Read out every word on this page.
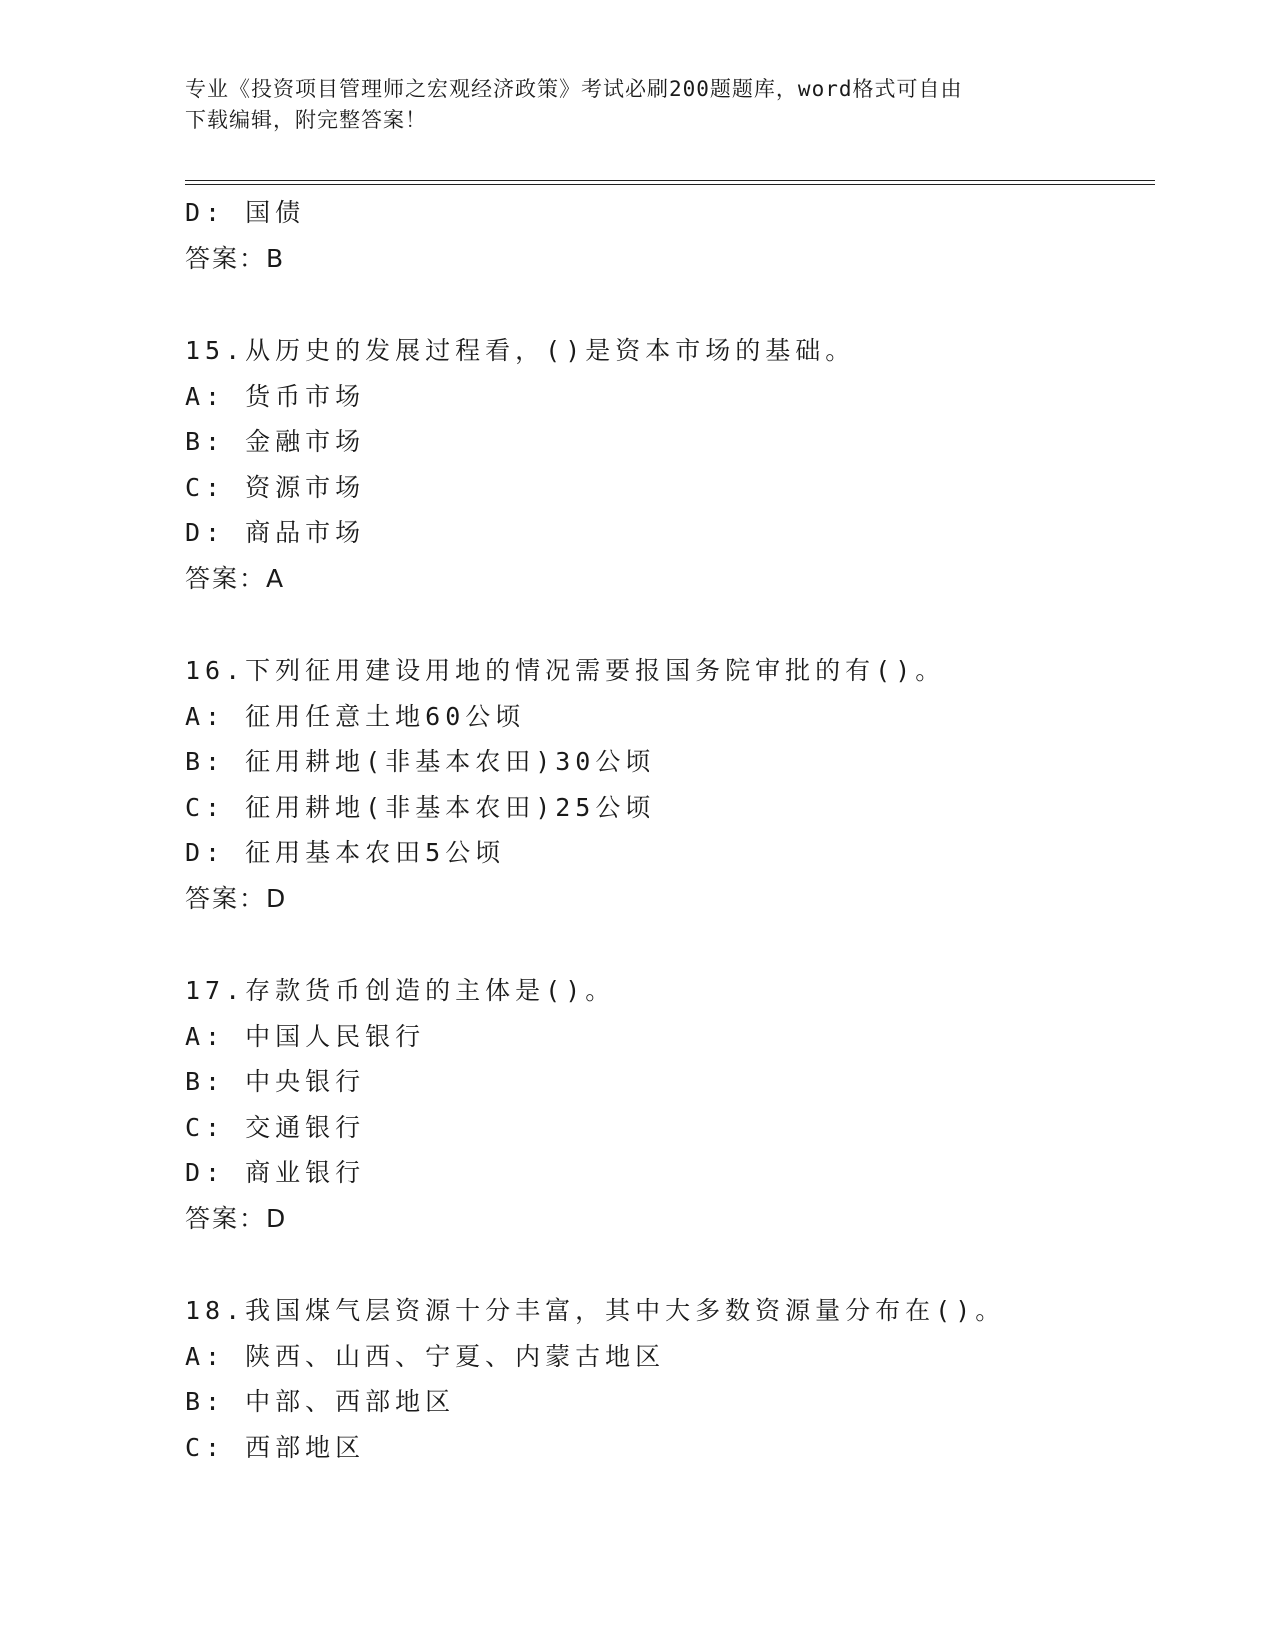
专业《投资项目管理师之宏观经济政策》考试必刷200题题库，word格式可自由
下载编辑，附完整答案！
D: 国债
答案：B
15.从历史的发展过程看，()是资本市场的基础。
A: 货币市场
B: 金融市场
C: 资源市场
D: 商品市场
答案：A
16.下列征用建设用地的情况需要报国务院审批的有()。
A: 征用任意土地60公顷
B: 征用耕地(非基本农田)30公顷
C: 征用耕地(非基本农田)25公顷
D: 征用基本农田5公顷
答案：D
17.存款货币创造的主体是()。
A: 中国人民银行
B: 中央银行
C: 交通银行
D: 商业银行
答案：D
18.我国煤气层资源十分丰富，其中大多数资源量分布在()。
A: 陕西、山西、宁夏、内蒙古地区
B: 中部、西部地区
C: 西部地区
